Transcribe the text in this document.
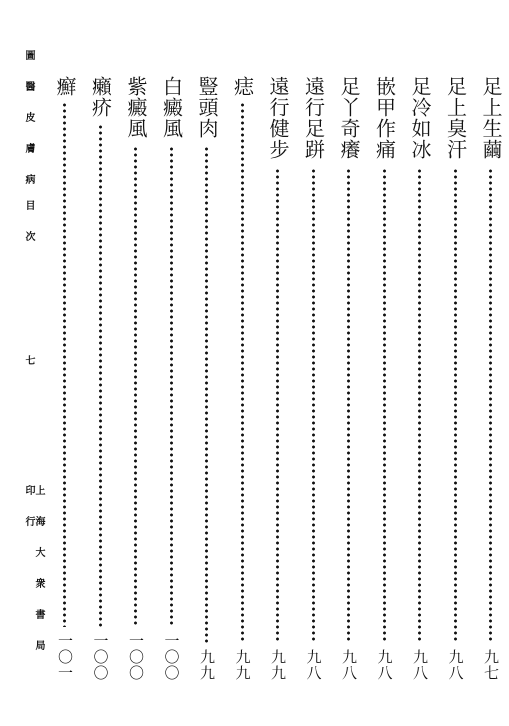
圖 醫 皮 膚 病
目 次
七
上 海 大 衆 書 局 印 行
足上生繭
九七
足上臭汗
九八
足冷如冰
九八
嵌甲作痛
九八
足丫奇癢
九八
遠行足跰
九八
遠行健步
九九
痣
九九
豎頭肉
九九
白癜風
一〇〇
紫癜風
一〇〇
癩疥
一〇〇
癬
一〇一
